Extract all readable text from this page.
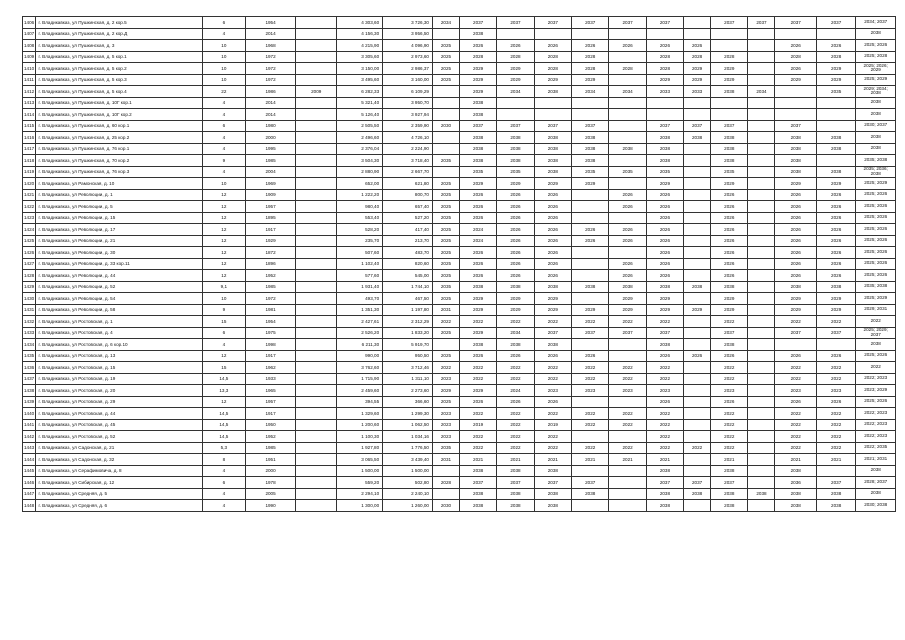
1406	г. Владикавказ, ул Пушкинская, д. 2 кор.5	6	1954		4 303,60	3 726,30	2034	2037	2037	2037	2037	2037	2037		2037	2037	2037	2037	2034; 2037
1407	г. Владикавказ, ул Пушкинская, д. 2 кор.Д	4	2014		4 156,30	3 956,50		2038											2038
1408	г. Владикавказ, ул Пушкинская, д. 3	10	1968		4 215,90	4 096,90	2025	2026	2026	2026	2026	2026	2026	2026			2026	2026	2025; 2026
1409	г. Владикавказ, ул Пушкинская, д. 5 кор.1	10	1972		3 305,60	2 973,60	2025	2028	2028	2028	2028		2028	2028	2028		2028	2028	2025; 2028
1410	г. Владикавказ, ул Пушкинская, д. 5 кор.2	10	1972		3 150,00	2 986,37	2025	2029	2029	2028	2028	2028	2028	2029	2029		2026	2029	2025; 2026; 2029
1411	г. Владикавказ, ул Пушкинская, д. 5 кор.3	10	1972		3 495,60	3 160,00	2025	2029	2029	2029	2029		2029	2029	2029		2029	2029	2025; 2029
1412	г. Владикавказ, ул Пушкинская, д. 5 кор.4	22	1986	2009	6 282,33	6 109,29		2029	2034	2038	2034	2034	2033	2033	2038	2034		2035	2029; 2034; 2038
1413	г. Владикавказ, ул Пушкинская, д. 10Г кор.1	4	2014		5 321,40	3 950,70		2038											2038
1414	г. Владикавказ, ул Пушкинская, д. 10Г кор.2	4	2014		5 126,40	3 927,94		2038											2038
1415	г. Владикавказ, ул Пушкинская, д. 60 кор.1	6	1980		2 505,50	2 359,90	2030	2037	2037	2037	2037		2037	2037	2037		2037		2030; 2037
1416	г. Владикавказ, ул Пушкинская, д. 25 кор.2	4	2000		2 496,60	4 726,10		2038	2038	2038	2038		2038	2038	2038		2038	2038	2038
1417	г. Владикавказ, ул Пушкинская, д. 76 кор.1	4	1995		2 376,04	2 224,90		2038	2038	2038	2038	2038	2038		2038		2038	2038	2038
1418	г. Владикавказ, ул Пушкинская, д. 70 кор.2	9	1985		3 504,30	3 718,40	2035	2038	2038	2038	2038		2038		2038		2038		2035; 2038
1419	г. Владикавказ, ул Пушкинская, д. 76 кор.3	4	2004		2 880,90	2 667,70		2035	2035	2038	2035	2035	2035		2035		2038	2038	2035; 2036; 2038
1420	г. Владикавказ, ул Рамонская, д. 10	10	1969		652,00	621,80	2025	2029	2029	2029	2029		2029		2029		2029	2029	2025; 2029
1421	г. Владикавказ, ул Революции, д. 1	12	1909		1 222,20	800,70	2025	2026	2026	2026		2026	2026		2026		2026	2026	2025; 2026
1422	г. Владикавказ, ул Революции, д. 5	12	1957		980,40	657,40	2025	2026	2026	2026		2026	2026		2026		2026	2026	2025; 2026
1423	г. Владикавказ, ул Революции, д. 15	12	1895		553,40	527,20	2025	2026	2026	2026			2026		2026		2026	2026	2025; 2026
1424	г. Владикавказ, ул Революции, д. 17	12	1917		528,20	417,40	2025	2024	2026	2026	2026	2026	2026		2026		2026	2026	2025; 2026
1425	г. Владикавказ, ул Революции, д. 21	12	1929		235,70	213,70	2025	2024	2026	2026	2026	2026	2026		2026		2026	2026	2025; 2026
1426	г. Владикавказ, ул Революции, д. 30	12	1872		507,60	483,70	2025	2026	2026	2026			2026		2026		2026	2026	2025; 2026
1427	г. Владикавказ, ул Революции, д. 33 кор.11	12	1896		1 102,40	820,60	2025	2026	2026	2026		2026	2026		2026		2026	2026	2025; 2026
1428	г. Владикавказ, ул Революции, д. 44	12	1952		577,60	545,00	2025	2026	2026	2026		2026	2026		2026		2026	2026	2025; 2026
1429	г. Владикавказ, ул Революции, д. 52	9,1	1985		1 931,40	1 744,10	2035	2038	2038	2038	2038	2038	2038	2038	2038		2038	2038	2035; 2038
1430	г. Владикавказ, ул Революции, д. 54	10	1972		493,70	467,50	2025	2029	2029	2029		2029	2029		2029		2029	2029	2025; 2029
1431	г. Владикавказ, ул Революции, д. 58	9	1981		1 351,30	1 197,80	2031	2029	2029	2029	2029	2029	2029	2029	2029		2029	2029	2029; 2031
1432	г. Владикавказ, ул Ростовская, д. 1	15	1954		2 427,61	2 312,29	2022	2022	2022	2022	2022	2022	2022		2022		2022	2022	2022
1433	г. Владикавказ, ул Ростовская, д. 4	6	1975		2 526,20	1 833,20	2025	2029	2034	2037	2037	2037	2037		2037		2037	2037	2025; 2029; 2037
1434	г. Владикавказ, ул Ростовская, д. 6 кор.10	4	1998		6 211,30	5 919,70		2038	2038	2038			2038		2038				2038
1435	г. Владикавказ, ул Ростовская, д. 13	12	1917		990,00	950,50	2025	2026	2026	2026	2026		2026	2026	2026		2026	2026	2025; 2026
1436	г. Владикавказ, ул Ростовская, д. 15	15	1962		3 762,60	3 712,46	2022	2022	2022	2022	2022	2022	2022		2022		2022	2022	2022
1437	г. Владикавказ, ул Ростовская, д. 19	14,5	1933		1 715,90	1 311,10	2023	2022	2022	2022	2022	2022	2022		2022		2022	2022	2022; 2023
1438	г. Владикавказ, ул Ростовская, д. 20	13,3	1965		2 459,60	2 273,60	2029	2029	2024	2023	2023	2023	2023		2023		2023	2023	2023; 2029
1439	г. Владикавказ, ул Ростовская, д. 29	12	1957		394,55	366,60	2025	2026	2026	2026			2026		2026		2026	2026	2025; 2026
1440	г. Владикавказ, ул Ростовская, д. 44	14,5	1917		1 329,60	1 299,30	2023	2022	2022	2022	2022	2022	2022		2022		2022	2022	2022; 2023
1441	г. Владикавказ, ул Ростовская, д. 45	14,5	1950		1 200,60	1 062,50	2023	2019	2022	2019	2022	2022	2022		2022		2022	2022	2022; 2023
1442	г. Владикавказ, ул Ростовская, д. 52	14,5	1952		1 100,30	1 034,16	2023	2022	2022	2022			2022		2022		2022	2022	2022; 2023
1443	г. Владикавказ, ул Садонская, д. 21	5,3	1985		1 927,80	1 776,50	2035	2022	2022	2022	2022	2022	2022	2022	2022		2022	2022	2022; 2035
1444	г. Владикавказ, ул Садонская, д. 32	8	1951		3 065,50	3 439,40	2031	2021	2021	2021	2021	2021	2021		2021		2021	2021	2021; 2031
1445	г. Владикавказ, ул Серафимовича, д. 8	4	2000		1 500,00	1 500,00		2038	2038	2038			2038		2038		2038		2038
1446	г. Владикавказ, ул Сибирская, д. 12	6	1978		559,20	502,80	2028	2037	2037	2037	2037		2037	2037	2037		2036	2037	2028; 2037
1447	г. Владикавказ, ул Средняя, д. 5	4	2005		2 294,10	2 240,10		2038	2038	2038	2038		2038	2038	2038	2038	2038	2038	2038
1448	г. Владикавказ, ул Средняя, д. 6	4	1990		1 300,00	1 260,00	2030	2038	2038	2038			2038		2038		2038	2038	2030; 2038
